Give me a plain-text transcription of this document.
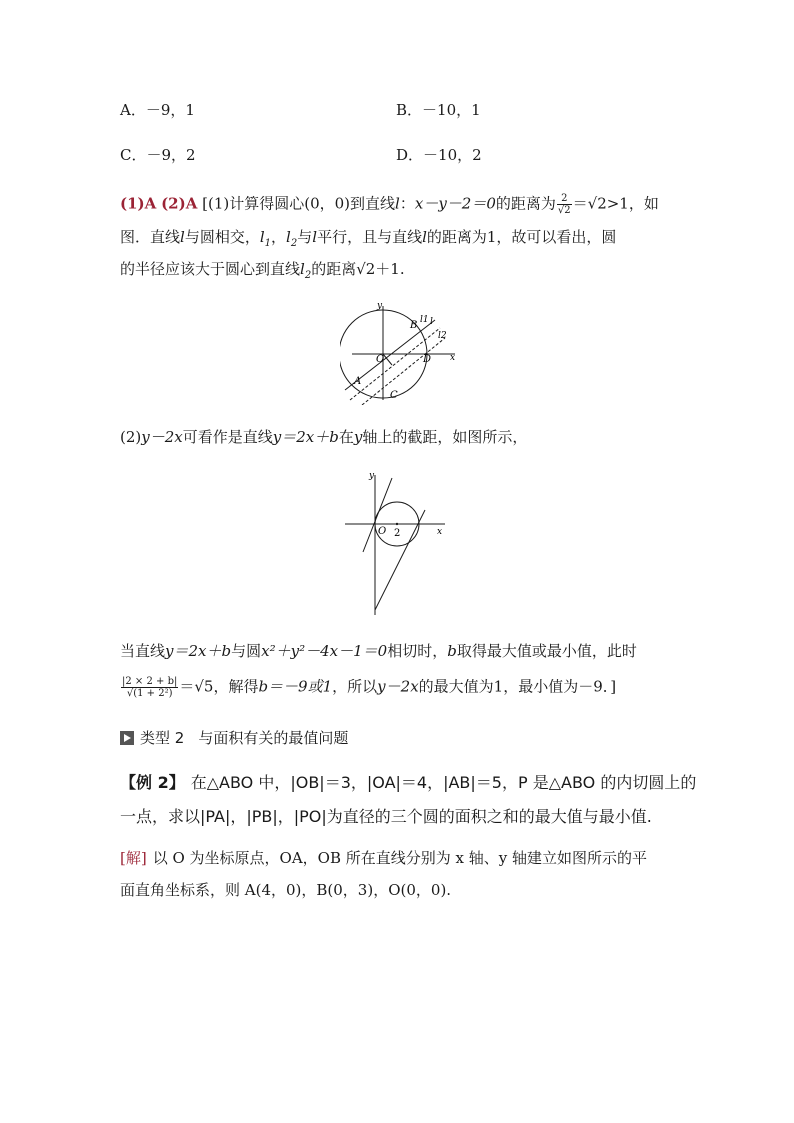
A．－9，1	B．－10，1
C．－9，2	D．－10，2
(1)A (2)A [(1)计算得圆心(0，0)到直线l：x－y－2＝0的距离为 $\frac{2}{√2} =√2>1$，如
图．直线l与圆相交，$l_1$，$l_2$与l平行，且与直线l的距离为1，故可以看出，圆
的半径应该大于圆心到直线$l_2$的距离√2＋1.
y
x
O
A
B
C
D
l
l1
l2
(2)y－2x可看作是直线y＝2x＋b在y轴上的截距，如图所示，
y
x
O 2
当直线y＝2x＋b与圆x²＋y²－4x－1＝0相切时，b取得最大值或最小值，此时
$\frac{|2 \times 2 + b|}{\text{√(1 + 2²)}} =√5$，解得b＝－9或1，所以y－2x的最大值为1，最小值为－9．]
类型 2 与面积有关的最值问题
【例 2】 在△ABO 中，|OB|＝3，|OA|＝4，|AB|＝5，P 是△ABO 的内切圆上的
一点，求以|PA|，|PB|，|PO|为直径的三个圆的面积之和的最大值与最小值.
[解] 以 O 为坐标原点，OA，OB 所在直线分别为 x 轴、y 轴建立如图所示的平
面直角坐标系，则 A(4，0)，B(0，3)，O(0，0).
